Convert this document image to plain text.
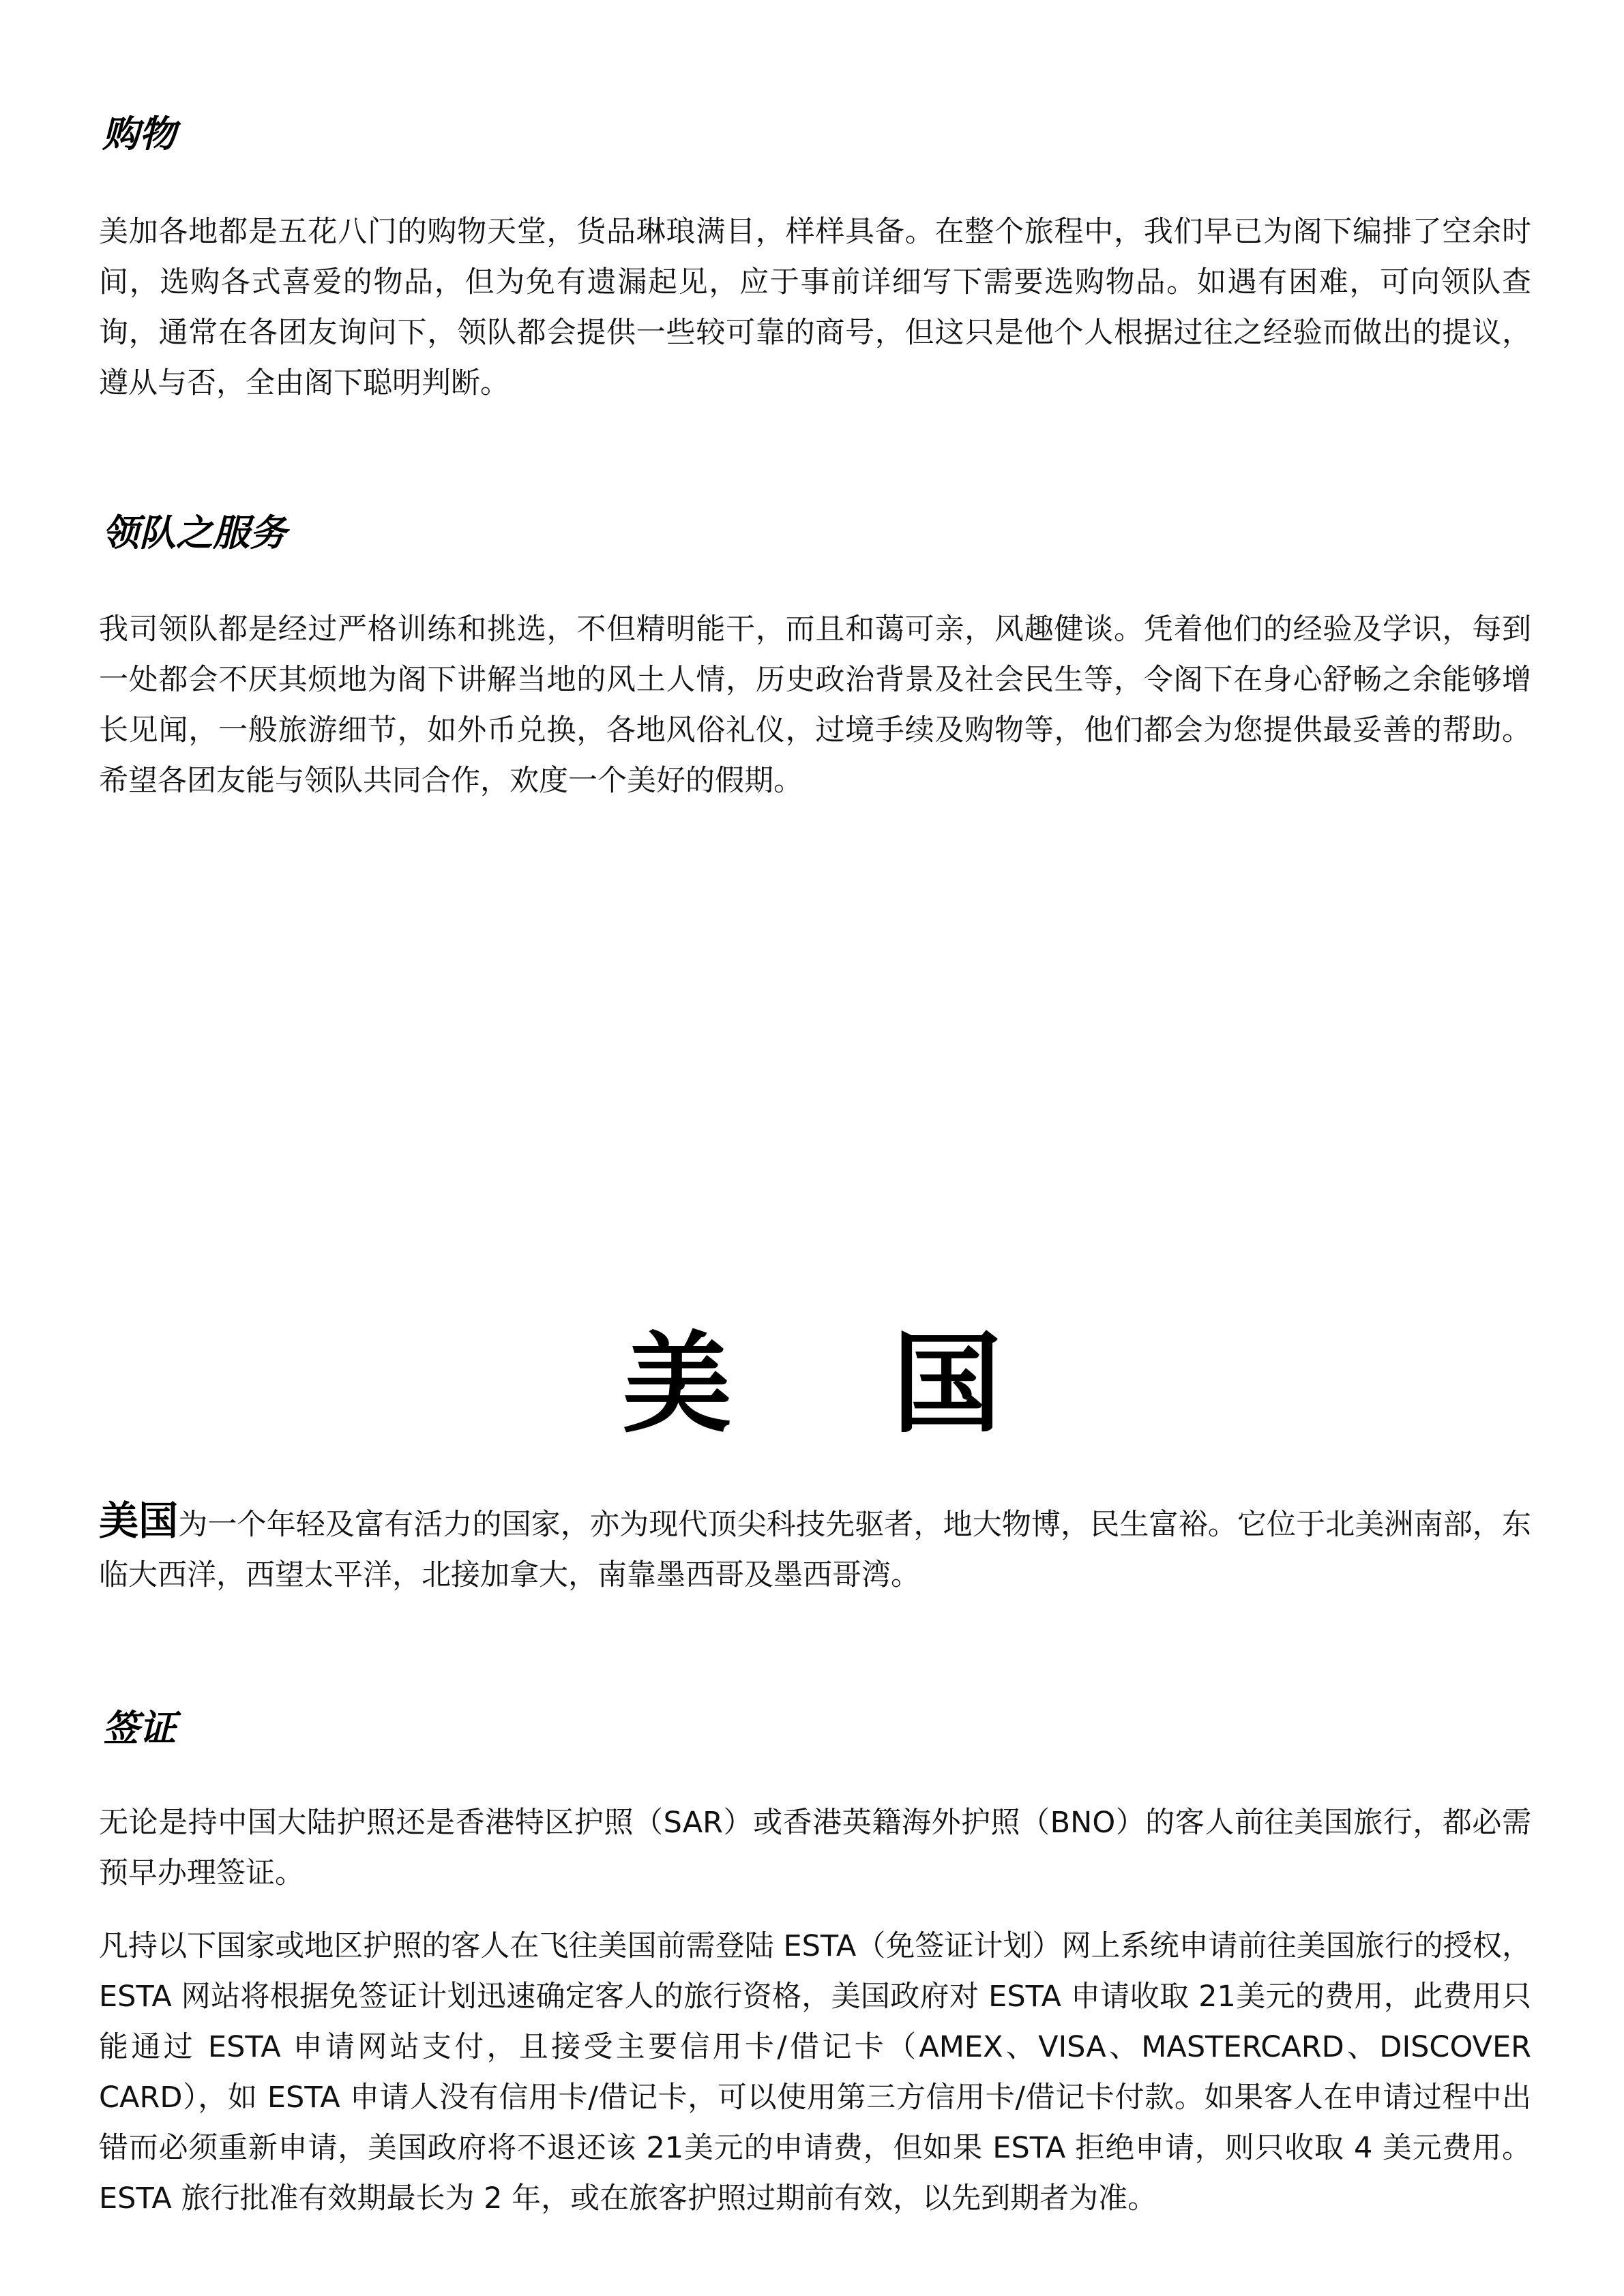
购物

美加各地都是五花八门的购物天堂，货品琳琅满目，样样具备。在整个旅程中，我们早已为阁下编排了空余时间，选购各式喜爱的物品，但为免有遗漏起见，应于事前详细写下需要选购物品。如遇有困难，可向领队查询，通常在各团友询问下，领队都会提供一些较可靠的商号，但这只是他个人根据过往之经验而做出的提议，遵从与否，全由阁下聪明判断。

领队之服务

我司领队都是经过严格训练和挑选，不但精明能干，而且和蔼可亲，风趣健谈。凭着他们的经验及学识，每到一处都会不厌其烦地为阁下讲解当地的风土人情，历史政治背景及社会民生等，令阁下在身心舒畅之余能够增长见闻，一般旅游细节，如外币兑换，各地风俗礼仪，过境手续及购物等，他们都会为您提供最妥善的帮助。希望各团友能与领队共同合作，欢度一个美好的假期。

美 国

美国为一个年轻及富有活力的国家，亦为现代顶尖科技先驱者，地大物博，民生富裕。它位于北美洲南部，东临大西洋，西望太平洋，北接加拿大，南靠墨西哥及墨西哥湾。

签证

无论是持中国大陆护照还是香港特区护照（SAR）或香港英籍海外护照（BNO）的客人前往美国旅行，都必需预早办理签证。

凡持以下国家或地区护照的客人在飞往美国前需登陆 ESTA（免签证计划）网上系统申请前往美国旅行的授权，ESTA 网站将根据免签证计划迅速确定客人的旅行资格，美国政府对 ESTA 申请收取 21美元的费用，此费用只能通过 ESTA 申请网站支付，且接受主要信用卡/借记卡（AMEX、VISA、MASTERCARD、DISCOVER CARD），如 ESTA 申请人没有信用卡/借记卡，可以使用第三方信用卡/借记卡付款。如果客人在申请过程中出错而必须重新申请，美国政府将不退还该 21美元的申请费，但如果 ESTA 拒绝申请，则只收取 4 美元费用。ESTA 旅行批准有效期最长为 2 年，或在旅客护照过期前有效，以先到期者为准。
